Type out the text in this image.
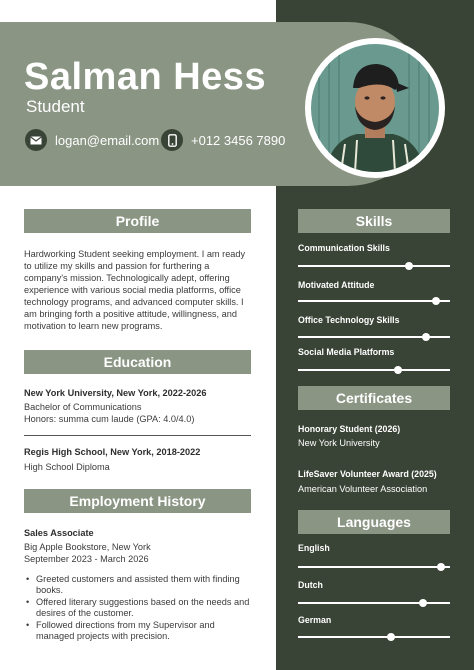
Salman Hess
Student
logan@email.com +012 3456 7890
Profile
Hardworking Student seeking employment. I am ready to utilize my skills and passion for furthering a company's mission. Technologically adept, offering experience with various social media platforms, office technology programs, and advanced computer skills. I am bringing forth a positive attitude, willingness, and motivation to learn new programs.
Education
New York University, New York, 2022-2026
Bachelor of Communications
Honors: summa cum laude (GPA: 4.0/4.0)
Regis High School, New York, 2018-2022
High School Diploma
Employment History
Sales Associate
Big Apple Bookstore, New York
September 2023 - March 2026
• Greeted customers and assisted them with finding books.
• Offered literary suggestions based on the needs and desires of the customer.
• Followed directions from my Supervisor and managed projects with precision.
Skills
Communication Skills
Motivated Attitude
Office Technology Skills
Social Media Platforms
Certificates
Honorary Student (2026)
New York University
LifeSaver Volunteer Award (2025)
American Volunteer Association
Languages
English
Dutch
German
